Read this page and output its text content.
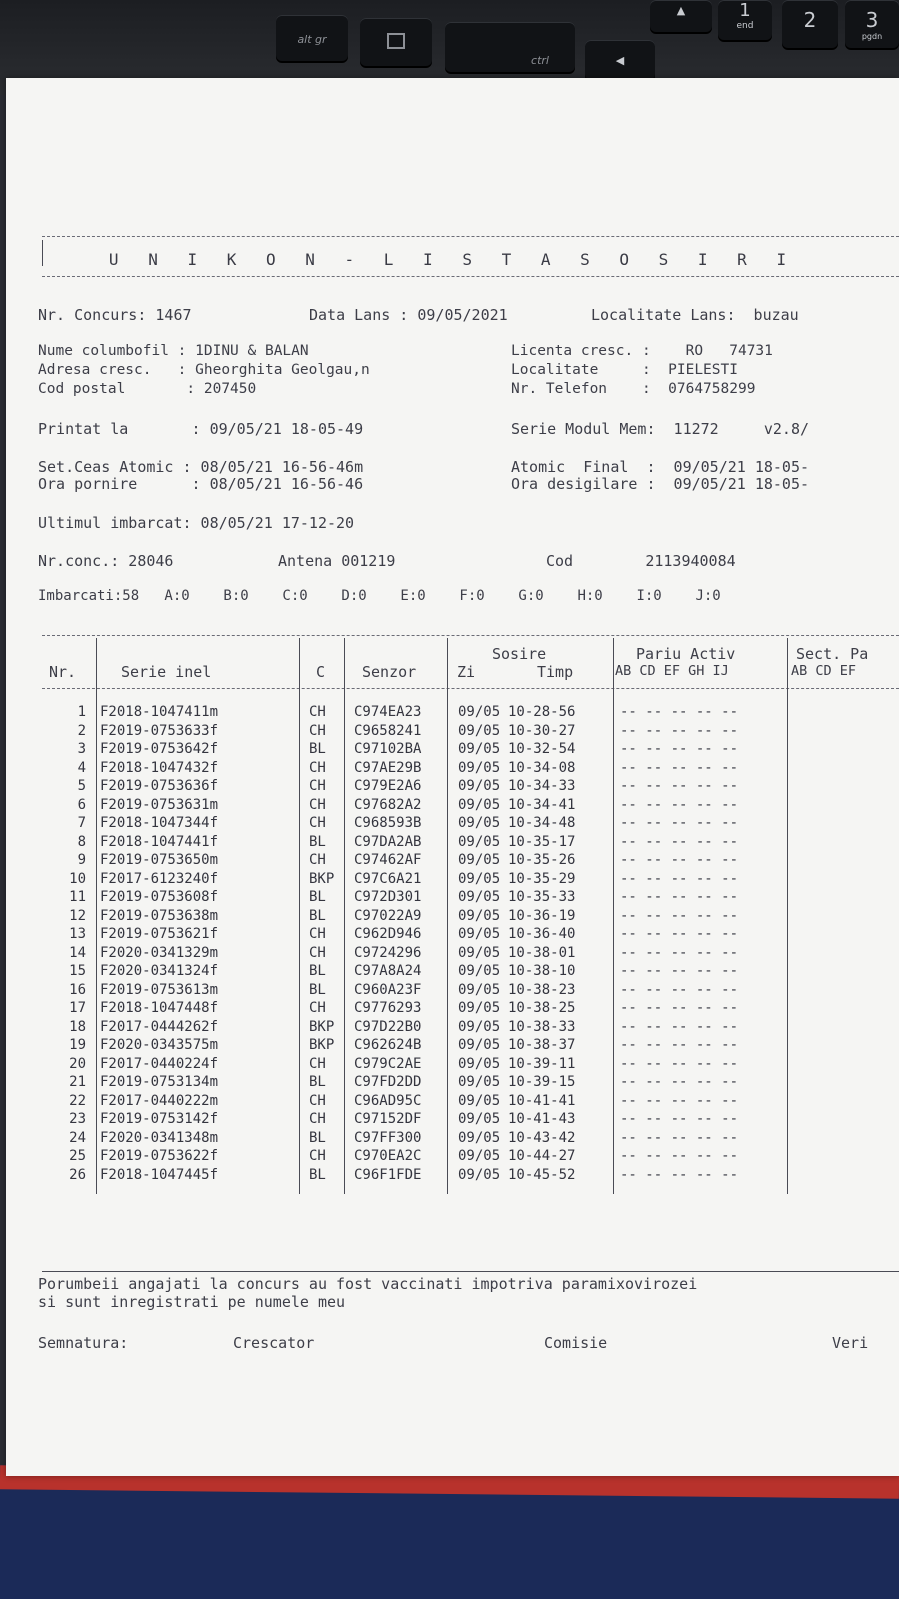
alt gr
ctrl	◀
▲	1
end	2	3
pgdn
U N I K O N - L I S T A S O S I R I
Nr. Concurs: 1467	Data Lans : 09/05/2021	Localitate Lans:  buzau
Nume columbofil : 1DINU & BALAN
Adresa cresc.   : Gheorghita Geolgau,n
Cod postal       : 207450
Licenta cresc. :    RO   74731
Localitate     :  PIELESTI
Nr. Telefon    :  0764758299
Printat la       : 09/05/21 18-05-49	Serie Modul Mem:  11272     v2.8/
Set.Ceas Atomic : 08/05/21 16-56-46m
Ora pornire      : 08/05/21 16-56-46
Atomic  Final  :  09/05/21 18-05-
Ora desigilare :  09/05/21 18-05-
Ultimul imbarcat: 08/05/21 17-12-20
Nr.conc.: 28046	Antena 001219	Cod        2113940084
Imbarcati:58   A:0    B:0    C:0    D:0    E:0    F:0    G:0    H:0    I:0    J:0
Nr.	Serie inel	C Senzor
Sosire
Zi	Timp
Pariu Activ
AB CD EF GH IJ
Sect. Pa
AB CD EF
1 F2018-1047411m	CH C974EA23	09/05 10-28-56	-- -- -- -- --
2 F2019-0753633f	CH C9658241	09/05 10-30-27	-- -- -- -- --
3 F2019-0753642f	BL C97102BA	09/05 10-32-54	-- -- -- -- --
4 F2018-1047432f	CH C97AE29B	09/05 10-34-08	-- -- -- -- --
5 F2019-0753636f	CH C979E2A6	09/05 10-34-33	-- -- -- -- --
6 F2019-0753631m	CH C97682A2	09/05 10-34-41	-- -- -- -- --
7 F2018-1047344f	CH C968593B	09/05 10-34-48	-- -- -- -- --
8 F2018-1047441f	BL C97DA2AB	09/05 10-35-17	-- -- -- -- --
9 F2019-0753650m	CH C97462AF	09/05 10-35-26	-- -- -- -- --
10 F2017-6123240f	BKP C97C6A21	09/05 10-35-29	-- -- -- -- --
11 F2019-0753608f	BL C972D301	09/05 10-35-33	-- -- -- -- --
12 F2019-0753638m	BL C97022A9	09/05 10-36-19	-- -- -- -- --
13 F2019-0753621f	CH C962D946	09/05 10-36-40	-- -- -- -- --
14 F2020-0341329m	CH C9724296	09/05 10-38-01	-- -- -- -- --
15 F2020-0341324f	BL C97A8A24	09/05 10-38-10	-- -- -- -- --
16 F2019-0753613m	BL C960A23F	09/05 10-38-23	-- -- -- -- --
17 F2018-1047448f	CH C9776293	09/05 10-38-25	-- -- -- -- --
18 F2017-0444262f	BKP C97D22B0	09/05 10-38-33	-- -- -- -- --
19 F2020-0343575m	BKP C962624B	09/05 10-38-37	-- -- -- -- --
20 F2017-0440224f	CH C979C2AE	09/05 10-39-11	-- -- -- -- --
21 F2019-0753134m	BL C97FD2DD	09/05 10-39-15	-- -- -- -- --
22 F2017-0440222m	CH C96AD95C	09/05 10-41-41	-- -- -- -- --
23 F2019-0753142f	CH C97152DF	09/05 10-41-43	-- -- -- -- --
24 F2020-0341348m	BL C97FF300	09/05 10-43-42	-- -- -- -- --
25 F2019-0753622f	CH C970EA2C	09/05 10-44-27	-- -- -- -- --
26 F2018-1047445f	BL C96F1FDE	09/05 10-45-52	-- -- -- -- --
Porumbeii angajati la concurs au fost vaccinati impotriva paramixovirozei
si sunt inregistrati pe numele meu
Semnatura:	Crescator	Comisie	Veri
